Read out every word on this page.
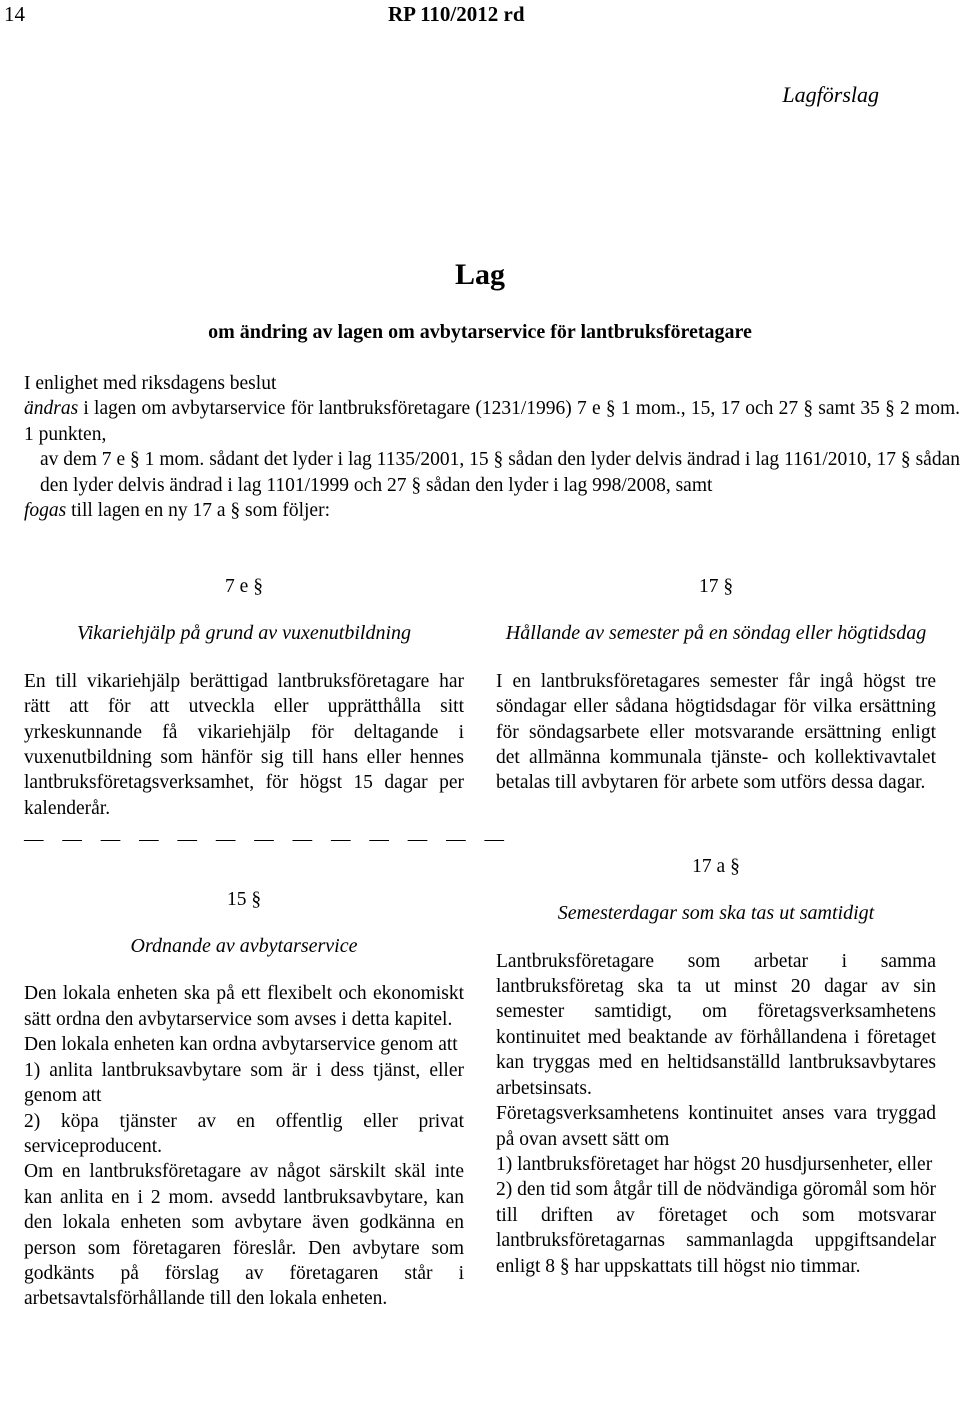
14	RP 110/2012 rd
Lagförslag
Lag
om ändring av lagen om avbytarservice för lantbruksföretagare

I enlighet med riksdagens beslut

ändras i lagen om avbytarservice för lantbruksföretagare (1231/1996) 7 e § 1 mom., 15, 17 och 27 § samt 35 § 2 mom. 1 punkten,

av dem 7 e § 1 mom. sådant det lyder i lag 1135/2001, 15 § sådan den lyder delvis ändrad i lag 1161/2010, 17 § sådan den lyder delvis ändrad i lag 1101/1999 och 27 § sådan den lyder i lag 998/2008, samt

fogas till lagen en ny 17 a § som följer:

7 e §

Vikariehjälp på grund av vuxenutbildning

En till vikariehjälp berättigad lantbruksföretagare har rätt att för att utveckla eller upprätthålla sitt yrkeskunnande få vikariehjälp för deltagande i vuxenutbildning som hänför sig till hans eller hennes lantbruksföretagsverksamhet, för högst 15 dagar per kalenderår.

— — — — — — — — — — — — —

15 §

Ordnande av avbytarservice

Den lokala enheten ska på ett flexibelt och ekonomiskt sätt ordna den avbytarservice som avses i detta kapitel.

Den lokala enheten kan ordna avbytarservice genom att

1) anlita lantbruksavbytare som är i dess tjänst, eller genom att

2) köpa tjänster av en offentlig eller privat serviceproducent.

Om en lantbruksföretagare av något särskilt skäl inte kan anlita en i 2 mom. avsedd lantbruksavbytare, kan den lokala enheten som avbytare även godkänna en person som företagaren föreslår. Den avbytare som godkänts på förslag av företagaren står i arbetsavtalsförhållande till den lokala enheten.

17 §

Hållande av semester på en söndag eller högtidsdag

I en lantbruksföretagares semester får ingå högst tre söndagar eller sådana högtidsdagar för vilka ersättning för söndagsarbete eller motsvarande ersättning enligt det allmänna kommunala tjänste- och kollektivavtalet betalas till avbytaren för arbete som utförs dessa dagar.

17 a §

Semesterdagar som ska tas ut samtidigt

Lantbruksföretagare som arbetar i samma lantbruksföretag ska ta ut minst 20 dagar av sin semester samtidigt, om företagsverksamhetens kontinuitet med beaktande av förhållandena i företaget kan tryggas med en heltidsanställd lantbruksavbytares arbetsinsats.

Företagsverksamhetens kontinuitet anses vara tryggad på ovan avsett sätt om

1) lantbruksföretaget har högst 20 husdjursenheter, eller

2) den tid som åtgår till de nödvändiga göromål som hör till driften av företaget och som motsvarar lantbruksföretagarnas sammanlagda uppgiftsandelar enligt 8 § har uppskattats till högst nio timmar.
